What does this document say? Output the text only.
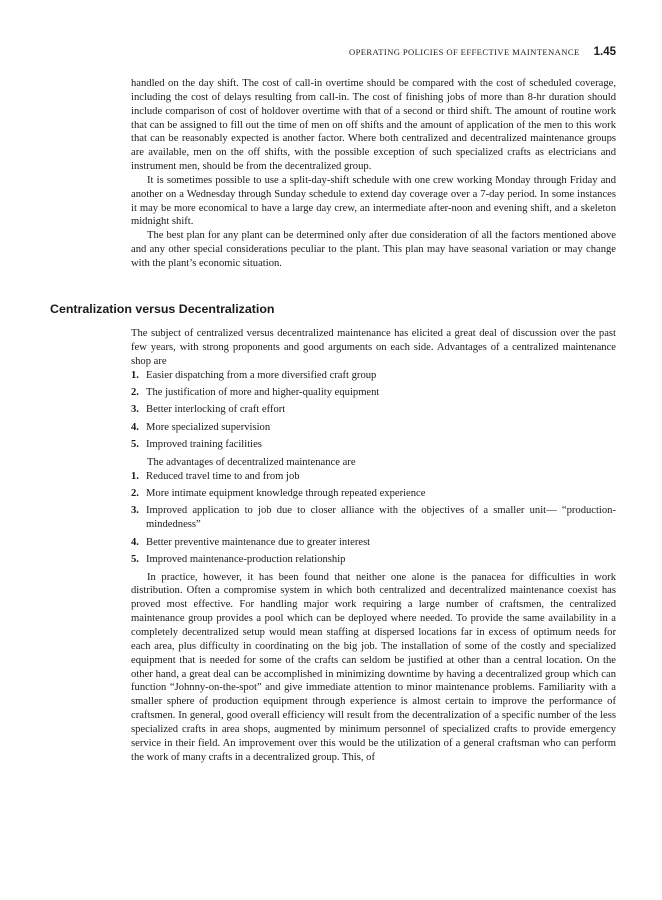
OPERATING POLICIES OF EFFECTIVE MAINTENANCE 1.45

handled on the day shift. The cost of call-in overtime should be compared with the cost of scheduled coverage, including the cost of delays resulting from call-in. The cost of finishing jobs of more than 8-hr duration should include comparison of cost of holdover overtime with that of a second or third shift. The amount of routine work that can be assigned to fill out the time of men on off shifts and the amount of application of the men to this work that can be reasonably expected is another factor. Where both centralized and decentralized maintenance groups are available, men on the off shifts, with the possible exception of such specialized crafts as electricians and instrument men, should be from the decentralized group.

It is sometimes possible to use a split-day-shift schedule with one crew working Monday through Friday and another on a Wednesday through Sunday schedule to extend day coverage over a 7-day period. In some instances it may be more economical to have a large day crew, an intermediate after-noon and evening shift, and a skeleton midnight shift.

The best plan for any plant can be determined only after due consideration of all the factors mentioned above and any other special considerations peculiar to the plant. This plan may have seasonal variation or may change with the plant’s economic situation.

Centralization versus Decentralization

The subject of centralized versus decentralized maintenance has elicited a great deal of discussion over the past few years, with strong proponents and good arguments on each side. Advantages of a centralized maintenance shop are

1. Easier dispatching from a more diversified craft group
2. The justification of more and higher-quality equipment
3. Better interlocking of craft effort
4. More specialized supervision
5. Improved training facilities

The advantages of decentralized maintenance are

1. Reduced travel time to and from job
2. More intimate equipment knowledge through repeated experience
3. Improved application to job due to closer alliance with the objectives of a smaller unit— “production-mindedness”
4. Better preventive maintenance due to greater interest
5. Improved maintenance-production relationship

In practice, however, it has been found that neither one alone is the panacea for difficulties in work distribution. Often a compromise system in which both centralized and decentralized maintenance coexist has proved most effective. For handling major work requiring a large number of craftsmen, the centralized maintenance group provides a pool which can be deployed where needed. To provide the same availability in a completely decentralized setup would mean staffing at dispersed locations far in excess of optimum needs for each area, plus difficulty in coordinating on the big job. The installation of some of the costly and specialized equipment that is needed for some of the crafts can seldom be justified at other than a central location. On the other hand, a great deal can be accomplished in minimizing downtime by having a decentralized group which can function “Johnny-on-the-spot” and give immediate attention to minor maintenance problems. Familiarity with a smaller sphere of production equipment through experience is almost certain to improve the performance of craftsmen. In general, good overall efficiency will result from the decentralization of a specific number of the less specialized crafts in area shops, augmented by minimum personnel of specialized crafts to provide emergency service in their field. An improvement over this would be the utilization of a general craftsman who can perform the work of many crafts in a decentralized group. This, of
